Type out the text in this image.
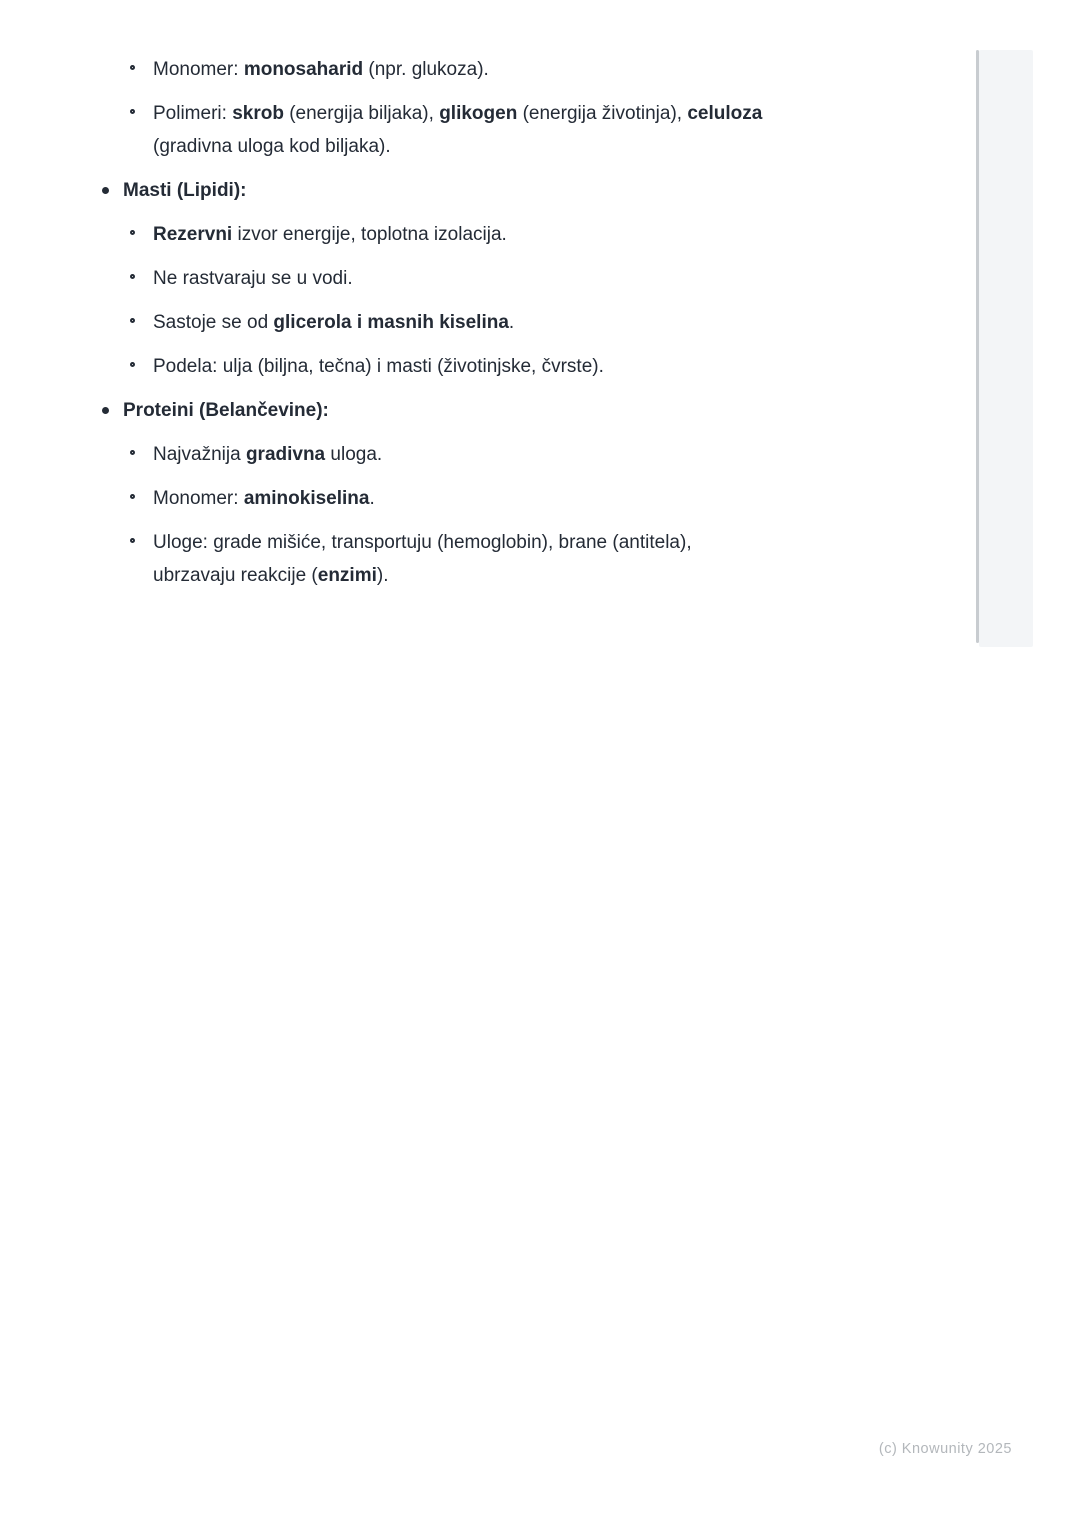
Monomer: monosaharid (npr. glukoza).
Polimeri: skrob (energija biljaka), glikogen (energija životinja), celuloza
(gradivna uloga kod biljaka).
Masti (Lipidi):
Rezervni izvor energije, toplotna izolacija.
Ne rastvaraju se u vodi.
Sastoje se od glicerola i masnih kiselina.
Podela: ulja (biljna, tečna) i masti (životinjske, čvrste).
Proteini (Belančevine):
Najvažnija gradivna uloga.
Monomer: aminokiselina.
Uloge: grade mišiće, transportuju (hemoglobin), brane (antitela),
ubrzavaju reakcije (enzimi).
(c) Knowunity 2025
